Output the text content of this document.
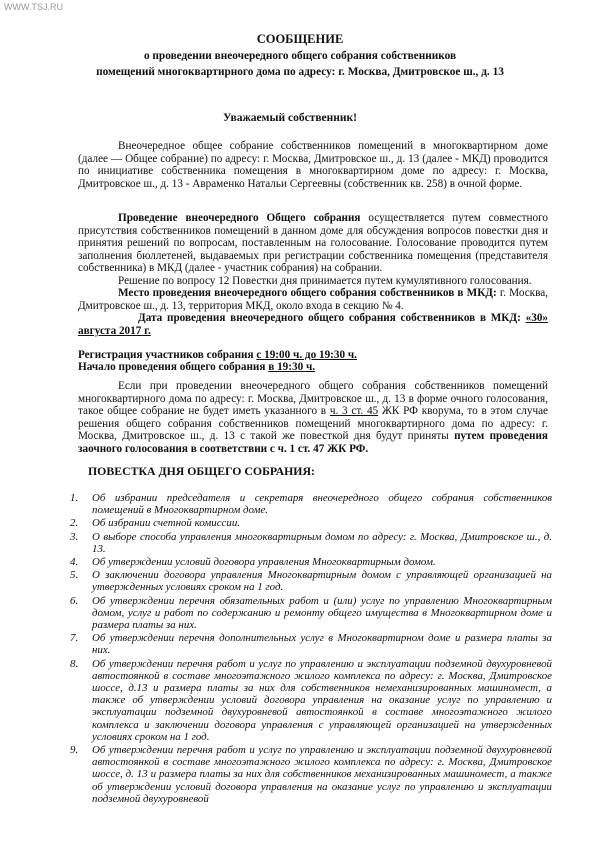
WWW.TSJ.RU
СООБЩЕНИЕ
о проведении внеочередного общего собрания собственников
помещений многоквартирного дома по адресу: г. Москва, Дмитровское ш., д. 13
Уважаемый собственник!
Внеочередное общее собрание собственников помещений в многоквартирном доме (далее — Общее собрание) по адресу: г. Москва, Дмитровское ш., д. 13 (далее - МКД) проводится по инициативе собственника помещения в многоквартирном доме по адресу: г. Москва, Дмитровское ш., д. 13 - Авраменко Натальи Сергеевны (собственник кв. 258) в очной форме.
Проведение внеочередного Общего собрания осуществляется путем совместного присутствия собственников помещений в данном доме для обсуждения вопросов повестки дня и принятия решений по вопросам, поставленным на голосование. Голосование проводится путем заполнения бюллетеней, выдаваемых при регистрации собственника помещения (представителя собственника) в МКД (далее - участник собрания) на собрании.
Решение по вопросу 12 Повестки дня принимается путем кумулятивного голосования.
Место проведения внеочередного общего собрания собственников в МКД: г. Москва, Дмитровское ш., д. 13, территория МКД, около входа в секцию № 4.
Дата проведения внеочередного общего собрания собственников в МКД: «30» августа 2017 г.
Регистрация участников собрания с 19:00 ч. до 19:30 ч.
Начало проведения общего собрания в 19:30 ч.
Если при проведении внеочередного общего собрания собственников помещений многоквартирного дома по адресу: г. Москва, Дмитровское ш., д. 13 в форме очного голосования, такое общее собрание не будет иметь указанного в ч. 3 ст. 45 ЖК РФ кворума, то в этом случае решения общего собрания собственников помещений многоквартирного дома по адресу: г. Москва, Дмитровское ш., д. 13 с такой же повесткой дня будут приняты путем проведения заочного голосования в соответствии с ч. 1 ст. 47 ЖК РФ.
ПОВЕСТКА ДНЯ ОБЩЕГО СОБРАНИЯ:
1.	Об избрании председателя и секретаря внеочередного общего собрания собственников помещений в Многоквартирном доме.
2.	Об избрании счетной комиссии.
3.	О выборе способа управления многоквартирным домом по адресу: г. Москва, Дмитровское ш., д. 13.
4.	Об утверждении условий договора управления Многоквартирным домом.
5.	О заключении договора управления Многоквартирным домом с управляющей организацией на утвержденных условиях сроком на 1 год.
6.	Об утверждении перечня обязательных работ и (или) услуг по управлению Многоквартирным домом, услуг и работ по содержанию и ремонту общего имущества в Многоквартирном доме и размера платы за них.
7.	Об утверждении перечня дополнительных услуг в Многоквартирном доме и размера платы за них.
8.	Об утверждении перечня работ и услуг по управлению и эксплуатации подземной двухуровневой автостоянкой в составе многоэтажного жилого комплекса по адресу: г. Москва, Дмитровское шоссе, д.13 и размера платы за них для собственников немеханизированных машиномест, а также об утверждении условий договора управления на оказание услуг по управлению и эксплуатации подземной двухуровневой автостоянкой в составе многоэтажного жилого комплекса и заключении договора управления с управляющей организацией на утвержденных условиях сроком на 1 год.
9.	Об утверждении перечня работ и услуг по управлению и эксплуатации подземной двухуровневой автостоянкой в составе многоэтажного жилого комплекса по адресу: г. Москва, Дмитровское шоссе, д. 13 и размера платы за них для собственников механизированных машиномест, а также об утверждении условий договора управления на оказание услуг по управлению и эксплуатации подземной двухуровневой
